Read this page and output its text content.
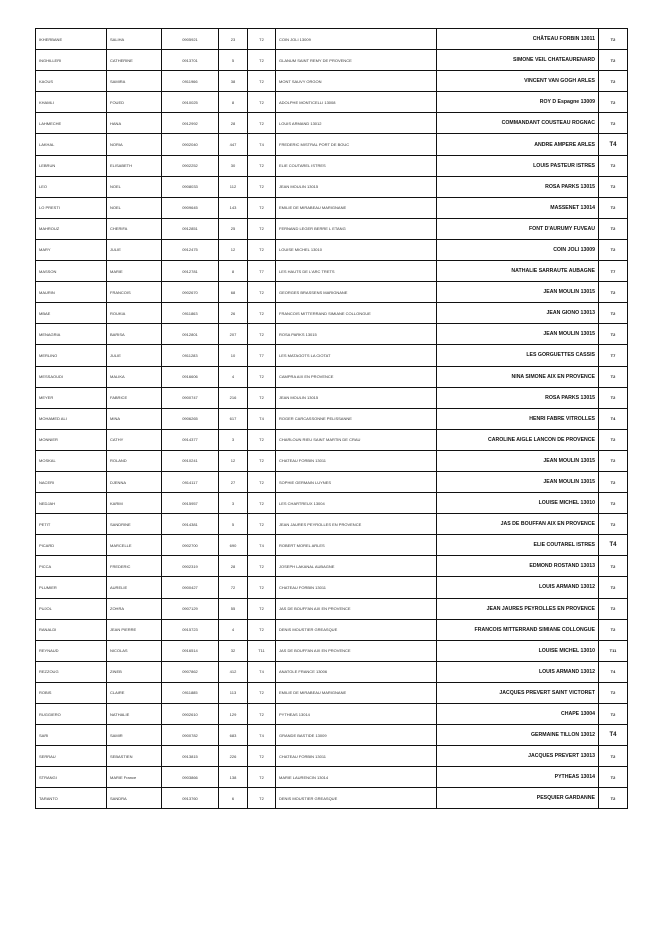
IKHERBANE	SALIHA	0905921	23	T2	COIN JOLI 13009	CHÂTEAU FORBIN 13011	T2
INGHILLERI	CATHERINE	0913701	5	T2	GLANUM SAINT REMY DE PROVENCE	SIMONE VEIL CHATEAURENARD	T2
KAOUS	SAMIRA	0911966	38	T2	MONT SAUVY ORGON	VINCENT VAN GOGH ARLES	T2
KHAMLI	FOUED	0910025	8	T2	ADOLPHE MONTICELLI 13008	ROY D Espagne 13009	T2
LAHMECHE	HANA	0912992	28	T2	LOUIS ARMAND 13012	COMMANDANT COUSTEAU ROGNAC	T2
LAKHAL	NORIA	0902040	447	T4	FREDERIC MISTRAL PORT DE BOUC	ANDRE AMPERE ARLES	T4
LEBRUN	ELISABETH	0902252	30	T2	ELIE COUTAREL ISTRES	LOUIS PASTEUR ISTRES	T2
LEO	NOEL	0908033	112	T2	JEAN MOULIN 13015	ROSA PARKS 13015	T2
LO PRESTI	NOEL	0909645	143	T2	EMILIE DE MIRABEAU MARIGNANE	MASSENET 13014	T2
MAHROUZ	CHERIFA	0912851	25	T2	FERNAND LEGER BERRE L ETANG	FONT D'AURUMY FUVEAU	T2
MARY	JULIE	0912475	12	T2	LOUISE MICHEL 13010	COIN JOLI 13009	T2
MASSON	MARIE	0912781	8	T7	LES HAUTS DE L'ARC TRETS	NATHALIE SARRAUTE AUBAGNE	T7
MAURIN	FRANCOIS	0902670	68	T2	GEORGES BRASSENS MARIGNANE	JEAN MOULIN 13015	T2
MBAE	ROUKIA	0911863	26	T2	FRANCOIS MITTERRAND SIMIANE COLLONGUE	JEAN GIONO 13013	T2
MENAGRIA	BARISA	0912801	207	T2	ROSA PARKS 13015	JEAN MOULIN 13015	T2
MERLINO	JULIE	0911283	10	T7	LES MATAGOTS LA CIOTAT	LES GORGUETTES CASSIS	T7
MESSAOUDI	MALIKA	0916606	4	T2	CAMPRA AIX EN PROVENCE	NINA SIMONE AIX EN PROVENCE	T2
MEYER	FABRICE	0900747	216	T2	JEAN MOULIN 13015	ROSA PARKS 13015	T2
MOHAMED ALI	MINA	0906265	617	T4	ROGER CARCASSONNE PELISSANNE	HENRI FABRE VITROLLES	T4
MONNIER	CATHY	0914377	3	T2	CHARLOUN RIEU SAINT MARTIN DE CRAU	CAROLINE AIGLE LANCON DE PROVENCE	T2
MOSKAL	ROLAND	0910241	12	T2	CHATEAU FORBIN 13011	JEAN MOULIN 13015	T2
NACERI	DJENNA	0914117	27	T2	SOPHIE GERMAIN LUYNES	JEAN MOULIN 13015	T2
NEDJAH	KARIM	0915957	3	T2	LES CHARTREUX 13004	LOUISE MICHEL 13010	T2
PETIT	SANDRINE	0914381	5	T2	JEAN JAURES PEYROLLES EN PROVENCE	JAS DE BOUFFAN AIX EN PROVENCE	T2
PICARD	MARCELLE	0902700	690	T4	ROBERT MOREL ARLES	ELIE COUTAREL ISTRES	T4
PICCA	FREDERIC	0902319	28	T2	JOSEPH LAKANAL AUBAGNE	EDMOND ROSTAND 13013	T2
PLUMIER	AURELIE	0900427	72	T2	CHATEAU FORBIN 13011	LOUIS ARMAND 13012	T2
PUJOL	ZOHRA	0907129	55	T2	JAS DE BOUFFAN AIX EN PROVENCE	JEAN JAURES PEYROLLES EN PROVENCE	T2
RANALDI	JEAN PIERRE	0915723	4	T2	DENIS MOUSTIER GREASQUE	FRANCOIS MITTERRAND SIMIANE COLLONGUE	T2
REYNAUD	NICOLAS	0916514	32	T11	JAS DE BOUFFAN AIX EN PROVENCE	LOUISE MICHEL 13010	T11
REZZOUG	ZINEB	0907862	412	T4	ANATOLE FRANCE 13006	LOUIS ARMAND 13012	T4
ROBIS	CLAIRE	0911885	113	T2	EMILIE DE MIRABEAU MARIGNANE	JACQUES PREVERT SAINT VICTORET	T2
RUGGIERO	NATHALIE	0902610	129	T2	PYTHEAS 13014	CHAPE 13004	T2
SARI	SAMIR	0900782	683	T4	GRANDE BASTIDE 13009	GERMAINE TILLON 13012	T4
SERRAU	SEBASTIEN	0913815	226	T2	CHATEAU FORBIN 13011	JACQUES PREVERT 13013	T2
STRANGI	MARIE France	0903866	138	T2	MARIE LAURENCIN 13014	PYTHEAS 13014	T2
TARANTO	SANDRA	0913760	6	T2	DENIS MOUSTIER GREASQUE	PESQUIER GARDANNE	T2
